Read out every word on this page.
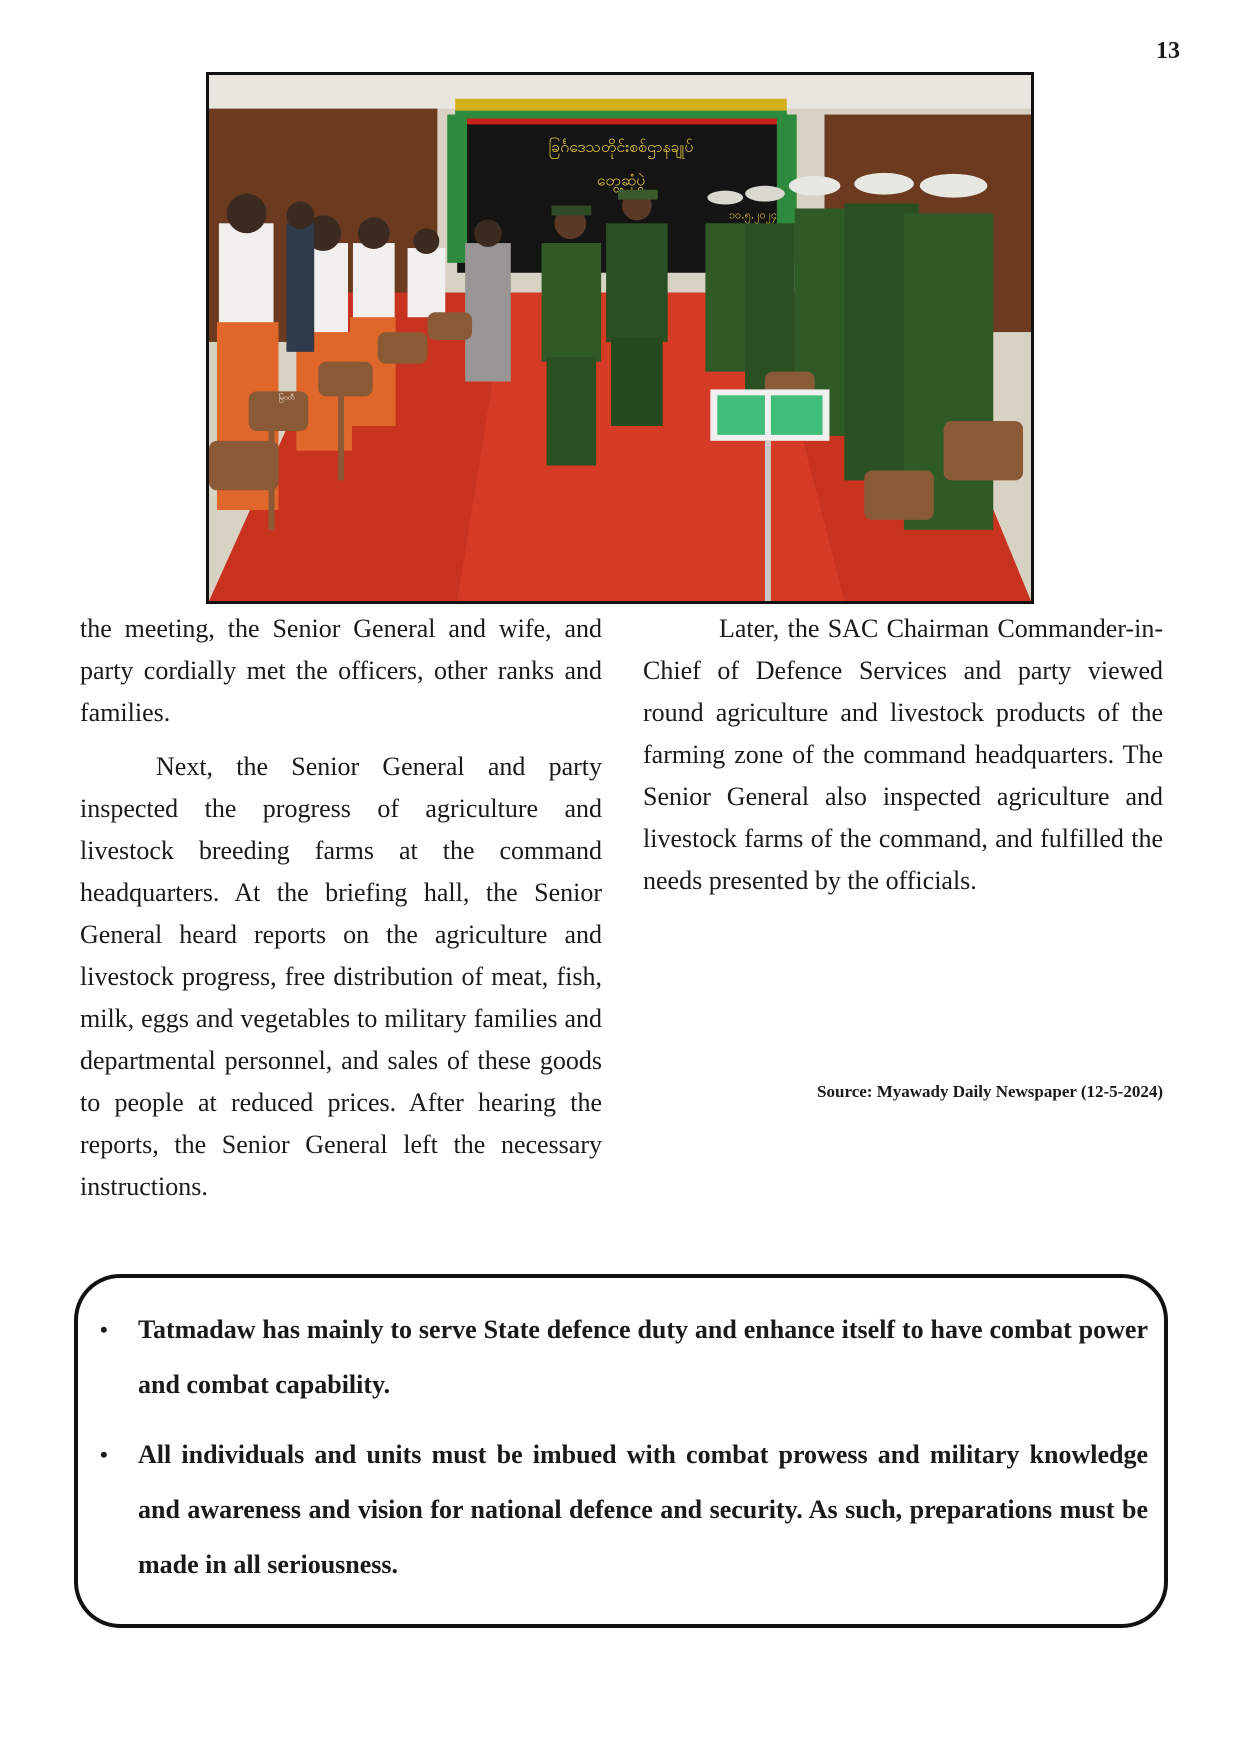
13
ခြင်္ဂဒေသတိုင်းစစ်ဌာနချုပ်
တွေ့ဆုံပွဲ
၁၀.၅.၂၀၂၄
မြဝတီ

the meeting, the Senior General and wife, and party cordially met the officers, other ranks and families.

Next, the Senior General and party inspected the progress of agriculture and livestock breeding farms at the command headquarters. At the briefing hall, the Senior General heard reports on the agriculture and livestock progress, free distribution of meat, fish, milk, eggs and vegetables to military families and departmental personnel, and sales of these goods to people at reduced prices. After hearing the reports, the Senior General left the necessary instructions.

Later, the SAC Chairman Commander-in-Chief of Defence Services and party viewed round agriculture and livestock products of the farming zone of the command headquarters. The Senior General also inspected agriculture and livestock farms of the command, and fulfilled the needs presented by the officials.

Source: Myawady Daily Newspaper (12-5-2024)
• Tatmadaw has mainly to serve State defence duty and enhance itself to have combat power and combat capability.
• All individuals and units must be imbued with combat prowess and military knowledge and awareness and vision for national defence and security. As such, preparations must be made in all seriousness.
